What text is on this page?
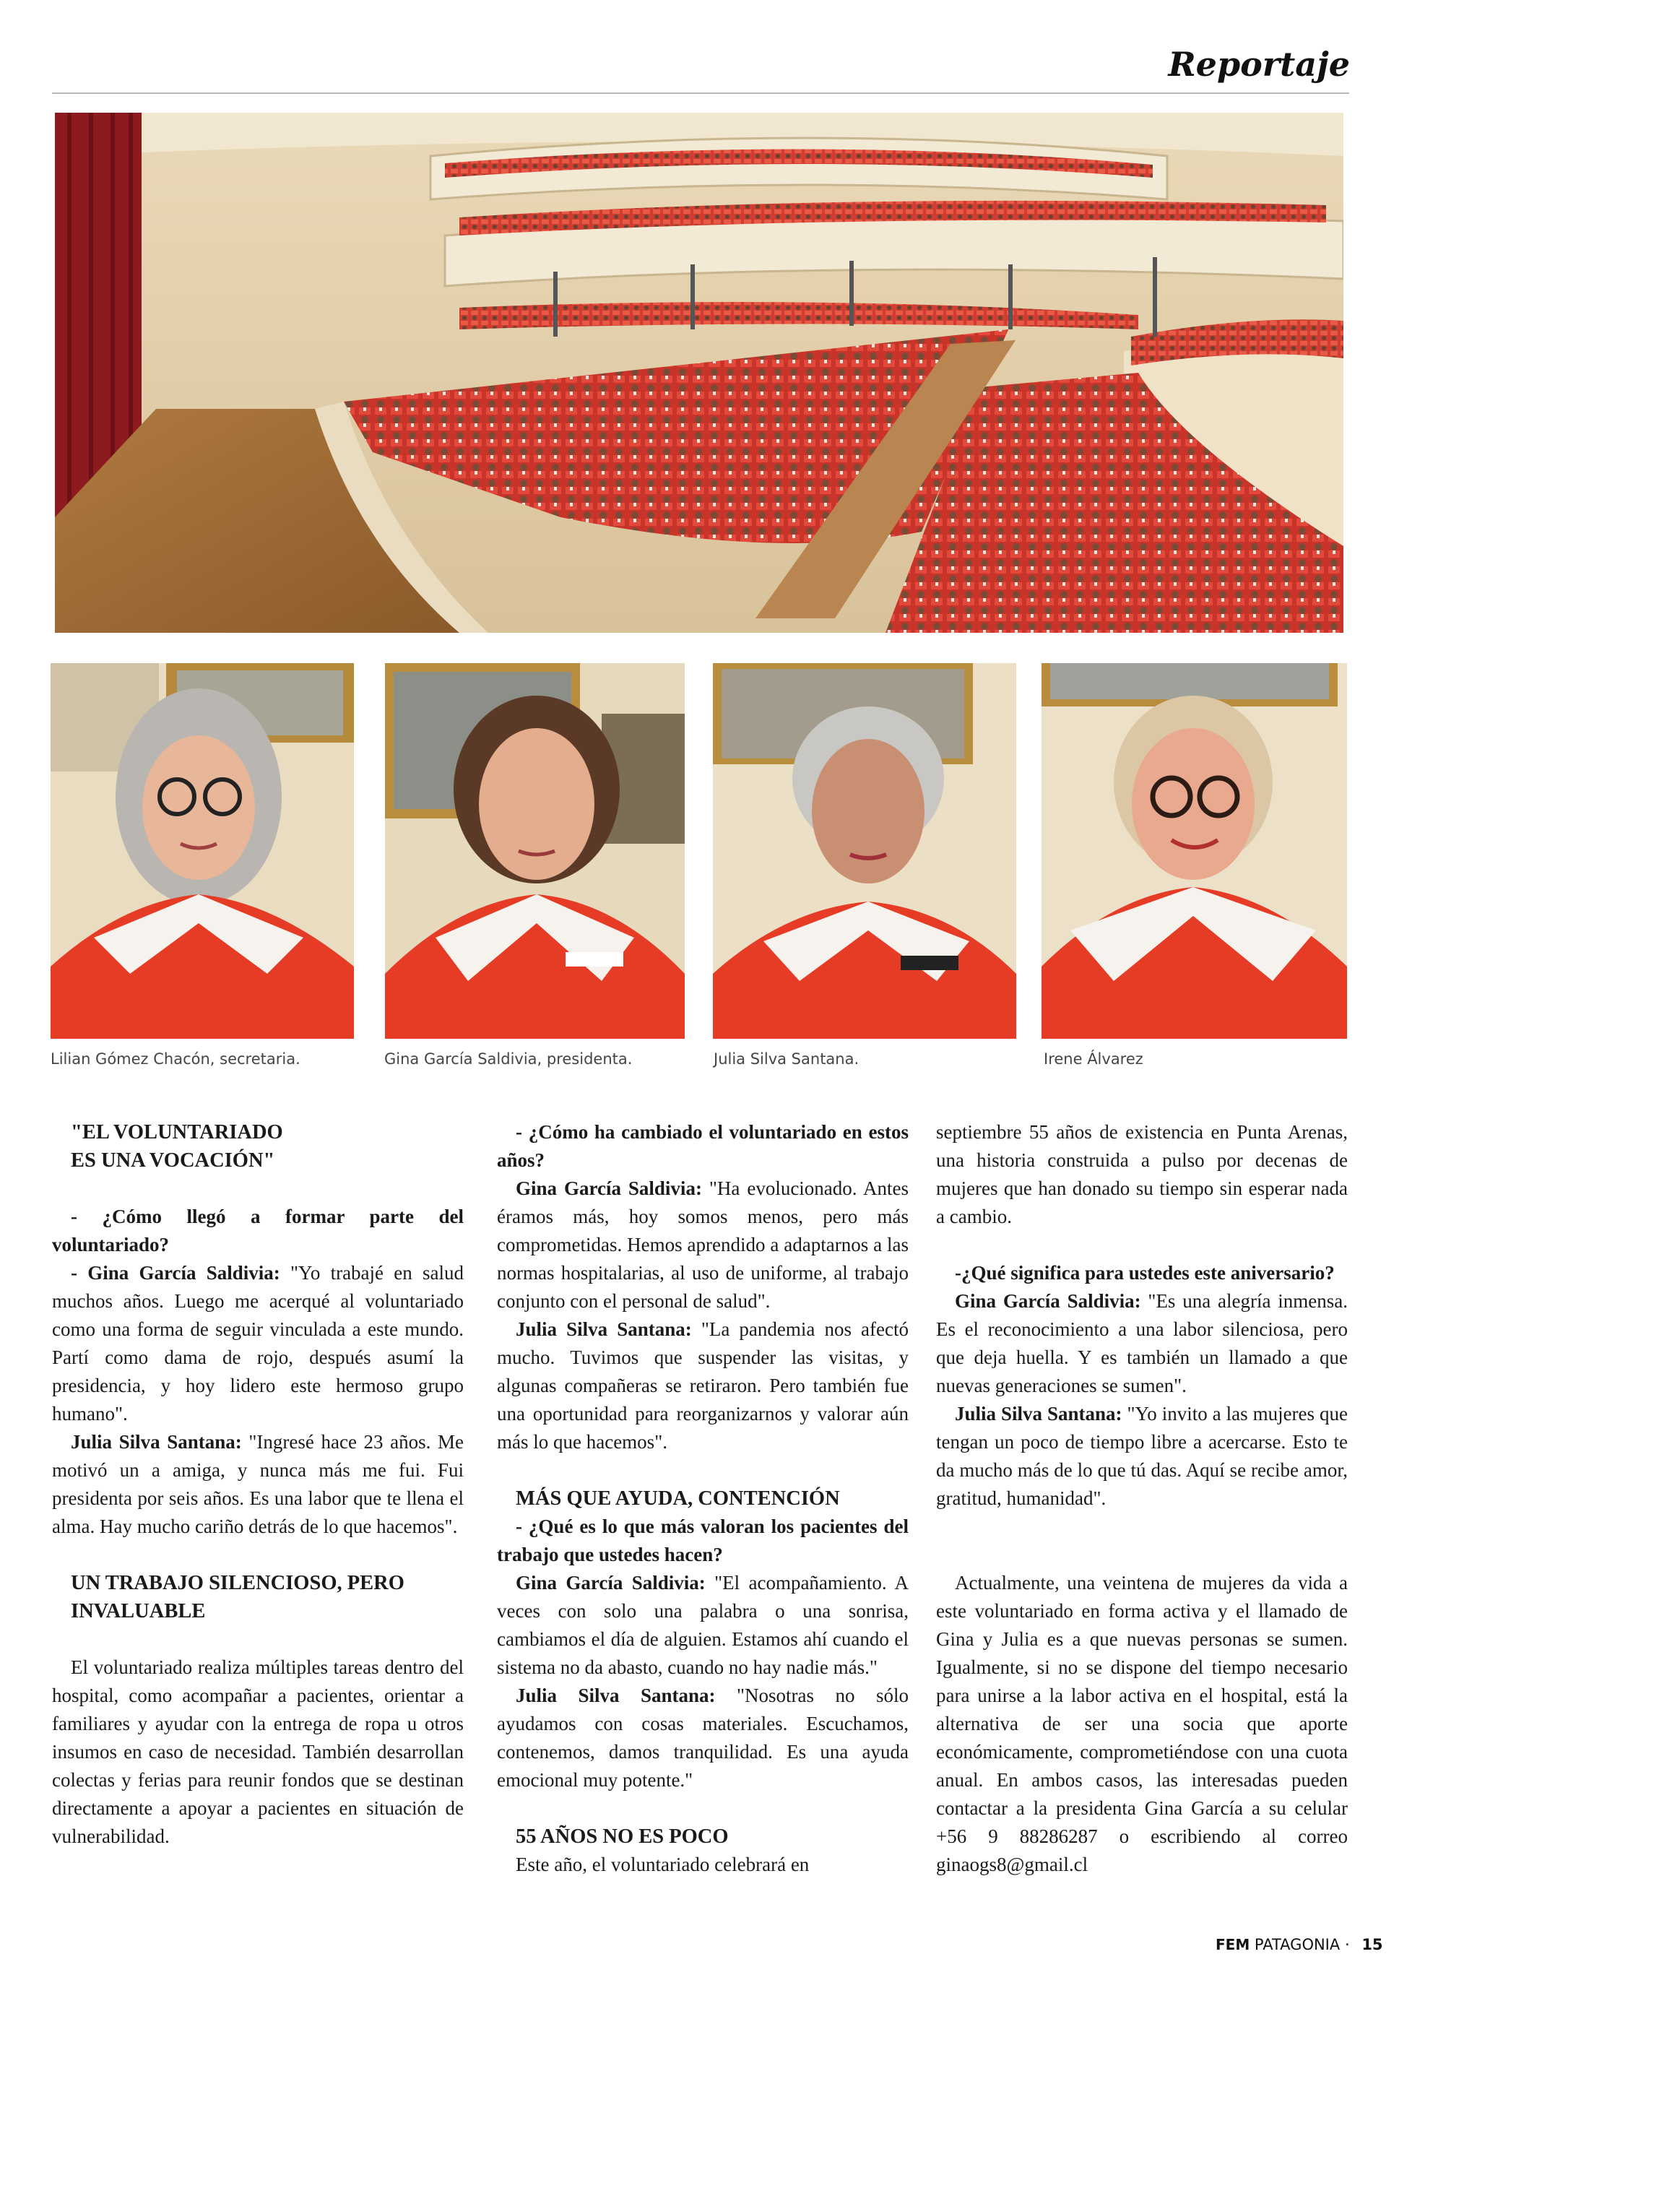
Reportaje
Lilian Gómez Chacón, secretaria.	Gina García Saldivia, presidenta.	Julia Silva Santana.	Irene Álvarez
"EL VOLUNTARIADO
ES UNA VOCACIÓN"

- ¿Cómo llegó a formar parte del voluntariado?

- Gina García Saldivia: "Yo trabajé en salud muchos años. Luego me acerqué al voluntariado como una forma de seguir vinculada a este mundo. Partí como dama de rojo, después asumí la presidencia, y hoy lidero este hermoso grupo humano".

Julia Silva Santana: "Ingresé hace 23 años. Me motivó un a amiga, y nunca más me fui. Fui presidenta por seis años. Es una labor que te llena el alma. Hay mucho cariño detrás de lo que hacemos".

UN TRABAJO SILENCIOSO, PERO INVALUABLE

El voluntariado realiza múltiples tareas dentro del hospital, como acompañar a pacientes, orientar a familiares y ayudar con la entrega de ropa u otros insumos en caso de necesidad. También desarrollan colectas y ferias para reunir fondos que se destinan directamente a apoyar a pacientes en situación de vulnerabilidad.

- ¿Cómo ha cambiado el voluntariado en estos años?

Gina García Saldivia: "Ha evolucionado. Antes éramos más, hoy somos menos, pero más comprometidas. Hemos aprendido a adaptarnos a las normas hospitalarias, al uso de uniforme, al trabajo conjunto con el personal de salud".

Julia Silva Santana: "La pandemia nos afectó mucho. Tuvimos que suspender las visitas, y algunas compañeras se retiraron. Pero también fue una oportunidad para reorganizarnos y valorar aún más lo que hacemos".

MÁS QUE AYUDA, CONTENCIÓN

- ¿Qué es lo que más valoran los pacientes del trabajo que ustedes hacen?

Gina García Saldivia: "El acompañamiento. A veces con solo una palabra o una sonrisa, cambiamos el día de alguien. Estamos ahí cuando el sistema no da abasto, cuando no hay nadie más."

Julia Silva Santana: "Nosotras no sólo ayudamos con cosas materiales. Escuchamos, contenemos, damos tranquilidad. Es una ayuda emocional muy potente."

55 AÑOS NO ES POCO

Este año, el voluntariado celebrará en

septiembre 55 años de existencia en Punta Arenas, una historia construida a pulso por decenas de mujeres que han donado su tiempo sin esperar nada a cambio.

-¿Qué significa para ustedes este aniversario?

Gina García Saldivia: "Es una alegría inmensa. Es el reconocimiento a una labor silenciosa, pero que deja huella. Y es también un llamado a que nuevas generaciones se sumen".

Julia Silva Santana: "Yo invito a las mujeres que tengan un poco de tiempo libre a acercarse. Esto te da mucho más de lo que tú das. Aquí se recibe amor, gratitud, humanidad".

Actualmente, una veintena de mujeres da vida a este voluntariado en forma activa y el llamado de Gina y Julia es a que nuevas personas se sumen. Igualmente, si no se dispone del tiempo necesario para unirse a la labor activa en el hospital, está la alternativa de ser una socia que aporte económicamente, comprometiéndose con una cuota anual. En ambos casos, las interesadas pueden contactar a la presidenta Gina García a su celular +56 9 88286287 o escribiendo al correo ginaogs8@gmail.cl

FEM PATAGONIA · 15
